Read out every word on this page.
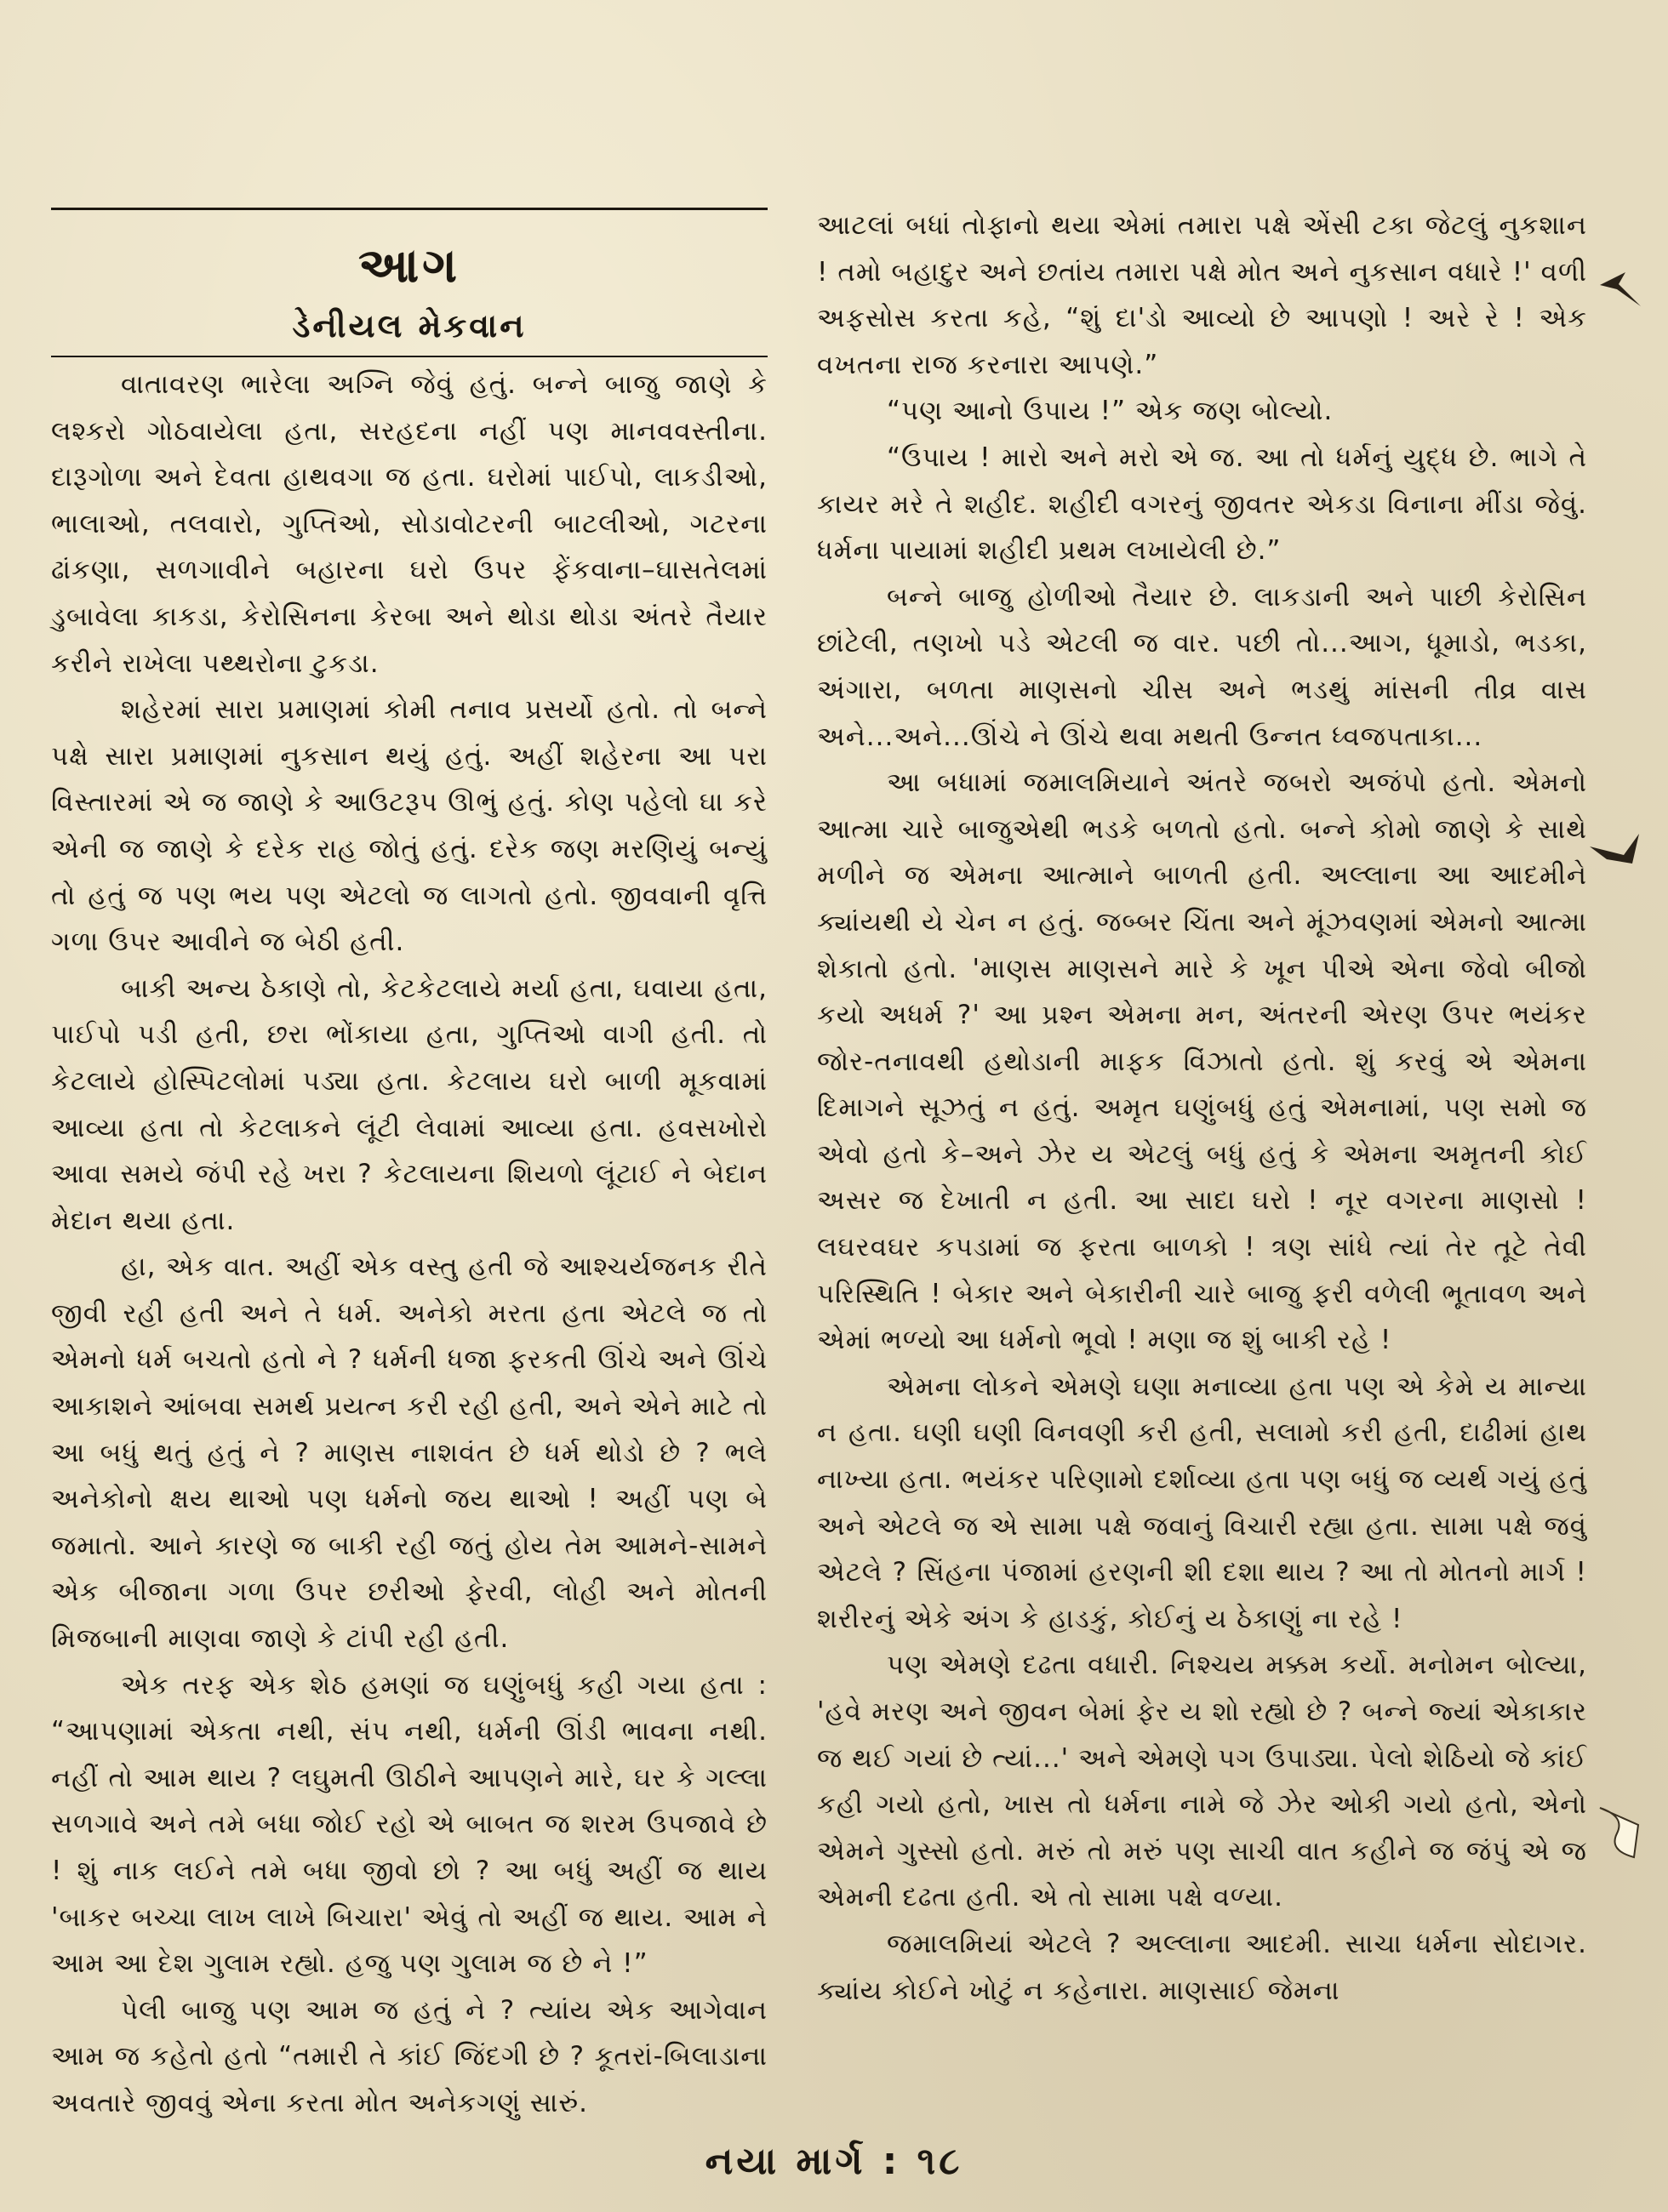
આગ
ડેનીયલ મેકવાન

વાતાવરણ ભારેલા અગ્નિ જેવું હતું. બન્ને બાજુ જાણે કે લશ્કરો ગોઠવાયેલા હતા, સરહદના નહીં પણ માનવવસ્તીના. દારૂગોળા અને દેવતા હાથવગા જ હતા. ઘરોમાં પાઈપો, લાકડીઓ, ભાલાઓ, તલવારો, ગુપ્તિઓ, સોડાવોટરની બાટલીઓ, ગટરના ઢાંકણા, સળગાવીને બહારના ઘરો ઉપર ફેંકવાના–ઘાસતેલમાં ડુબાવેલા કાકડા, કેરોસિનના કેરબા અને થોડા થોડા અંતરે તૈયાર કરીને રાખેલા પથ્થરોના ટુકડા.

શહેરમાં સારા પ્રમાણમાં કોમી તનાવ પ્રસર્યો હતો. તો બન્ને પક્ષે સારા પ્રમાણમાં નુકસાન થયું હતું. અહીં શહેરના આ પરા વિસ્તારમાં એ જ જાણે કે આઉટરૂપ ઊભું હતું. કોણ પહેલો ઘા કરે એની જ જાણે કે દરેક રાહ જોતું હતું. દરેક જણ મરણિયું બન્યું તો હતું જ પણ ભય પણ એટલો જ લાગતો હતો. જીવવાની વૃત્તિ ગળા ઉપર આવીને જ બેઠી હતી.

બાકી અન્ય ઠેકાણે તો, કેટકેટલાયે મર્યા હતા, ઘવાયા હતા, પાઈપો પડી હતી, છરા ભોંકાયા હતા, ગુપ્તિઓ વાગી હતી. તો કેટલાયે હોસ્પિટલોમાં પડ્યા હતા. કેટલાય ઘરો બાળી મૂકવામાં આવ્યા હતા તો કેટલાકને લૂંટી લેવામાં આવ્યા હતા. હવસખોરો આવા સમયે જંપી રહે ખરા ? કેટલાયના શિયળો લૂંટાઈ ને બેદાન મેદાન થયા હતા.

હા, એક વાત. અહીં એક વસ્તુ હતી જે આશ્ચર્યજનક રીતે જીવી રહી હતી અને તે ધર્મ. અનેકો મરતા હતા એટલે જ તો એમનો ધર્મ બચતો હતો ને ? ધર્મની ધજા ફરકતી ઊંચે અને ઊંચે આકાશને આંબવા સમર્થ પ્રયત્ન કરી રહી હતી, અને એને માટે તો આ બધું થતું હતું ને ? માણસ નાશવંત છે ધર્મ થોડો છે ? ભલે અનેકોનો ક્ષય થાઓ પણ ધર્મનો જય થાઓ ! અહીં પણ બે જમાતો. આને કારણે જ બાકી રહી જતું હોય તેમ આમને-સામને એક બીજાના ગળા ઉપર છરીઓ ફેરવી, લોહી અને મોતની મિજબાની માણવા જાણે કે ટાંપી રહી હતી.

એક તરફ એક શેઠ હમણાં જ ઘણુંબધું કહી ગયા હતા : “આપણામાં એકતા નથી, સંપ નથી, ધર્મની ઊંડી ભાવના નથી. નહીં તો આમ થાય ? લઘુમતી ઊઠીને આપણને મારે, ઘર કે ગલ્લા સળગાવે અને તમે બધા જોઈ રહો એ બાબત જ શરમ ઉપજાવે છે ! શું નાક લઈને તમે બધા જીવો છો ? આ બધું અહીં જ થાય 'બાકર બચ્ચા લાખ લાખે બિચારા' એવું તો અહીં જ થાય. આમ ને આમ આ દેશ ગુલામ રહ્યો. હજુ પણ ગુલામ જ છે ને !”

પેલી બાજુ પણ આમ જ હતું ને ? ત્યાંય એક આગેવાન આમ જ કહેતો હતો “તમારી તે કાંઈ જિંદગી છે ? કૂતરાં-બિલાડાના અવતારે જીવવું એના કરતા મોત અનેકગણું સારું.

આટલાં બધાં તોફાનો થયા એમાં તમારા પક્ષે એંસી ટકા જેટલું નુકશાન ! તમો બહાદુર અને છતાંય તમારા પક્ષે મોત અને નુકસાન વધારે !' વળી અફસોસ કરતા કહે, “શું દા'ડો આવ્યો છે આપણો ! અરે રે ! એક વખતના રાજ કરનારા આપણે.”

“પણ આનો ઉપાય !” એક જણ બોલ્યો.

“ઉપાય ! મારો અને મરો એ જ. આ તો ધર્મનું યુદ્ધ છે. ભાગે તે કાયર મરે તે શહીદ. શહીદી વગરનું જીવતર એકડા વિનાના મીંડા જેવું. ધર્મના પાયામાં શહીદી પ્રથમ લખાયેલી છે.”

બન્ને બાજુ હોળીઓ તૈયાર છે. લાકડાની અને પાછી કેરોસિન છાંટેલી, તણખો પડે એટલી જ વાર. પછી તો...આગ, ધૂમાડો, ભડકા, અંગારા, બળતા માણસનો ચીસ અને ભડથું માંસની તીવ્ર વાસ અને...અને...ઊંચે ને ઊંચે થવા મથતી ઉન્નત ધ્વજપતાકા...

આ બધામાં જમાલમિયાને અંતરે જબરો અજંપો હતો. એમનો આત્મા ચારે બાજુએથી ભડકે બળતો હતો. બન્ને કોમો જાણે કે સાથે મળીને જ એમના આત્માને બાળતી હતી. અલ્લાના આ આદમીને ક્યાંયથી યે ચેન ન હતું. જબ્બર ચિંતા અને મૂંઝવણમાં એમનો આત્મા શેકાતો હતો. 'માણસ માણસને મારે કે ખૂન પીએ એના જેવો બીજો કયો અધર્મ ?' આ પ્રશ્ન એમના મન, અંતરની એરણ ઉપર ભયંકર જોર-તનાવથી હથોડાની માફક વિંઝાતો હતો. શું કરવું એ એમના દિમાગને સૂઝતું ન હતું. અમૃત ઘણુંબધું હતું એમનામાં, પણ સમો જ એવો હતો કે–અને ઝેર ય એટલું બધું હતું કે એમના અમૃતની કોઈ અસર જ દેખાતી ન હતી. આ સાદા ઘરો ! નૂર વગરના માણસો ! લઘરવઘર કપડામાં જ ફરતા બાળકો ! ત્રણ સાંધે ત્યાં તેર તૂટે તેવી પરિસ્થિતિ ! બેકાર અને બેકારીની ચારે બાજુ ફરી વળેલી ભૂતાવળ અને એમાં ભળ્યો આ ધર્મનો ભૂવો ! મણા જ શું બાકી રહે !

એમના લોકને એમણે ઘણા મનાવ્યા હતા પણ એ કેમે ય માન્યા ન હતા. ઘણી ઘણી વિનવણી કરી હતી, સલામો કરી હતી, દાઢીમાં હાથ નાખ્યા હતા. ભયંકર પરિણામો દર્શાવ્યા હતા પણ બધું જ વ્યર્થ ગયું હતું અને એટલે જ એ સામા પક્ષે જવાનું વિચારી રહ્યા હતા. સામા પક્ષે જવું એટલે ? સિંહના પંજામાં હરણની શી દશા થાય ? આ તો મોતનો માર્ગ ! શરીરનું એકે અંગ કે હાડકું, કોઈનું ય ઠેકાણું ના રહે !

પણ એમણે દઢતા વધારી. નિશ્ચય મક્કમ કર્યો. મનોમન બોલ્યા, 'હવે મરણ અને જીવન બેમાં ફેર ય શો રહ્યો છે ? બન્ને જ્યાં એકાકાર જ થઈ ગયાં છે ત્યાં...' અને એમણે પગ ઉપાડ્યા. પેલો શેઠિયો જે કાંઈ કહી ગયો હતો, ખાસ તો ધર્મના નામે જે ઝેર ઓકી ગયો હતો, એનો એમને ગુસ્સો હતો. મરું તો મરું પણ સાચી વાત કહીને જ જંપું એ જ એમની દઢતા હતી. એ તો સામા પક્ષે વળ્યા.

જમાલમિયાં એટલે ? અલ્લાના આદમી. સાચા ધર્મના સોદાગર. ક્યાંય કોઈને ખોટું ન કહેનારા. માણસાઈ જેમના

નયા માર્ગ : ૧૮
